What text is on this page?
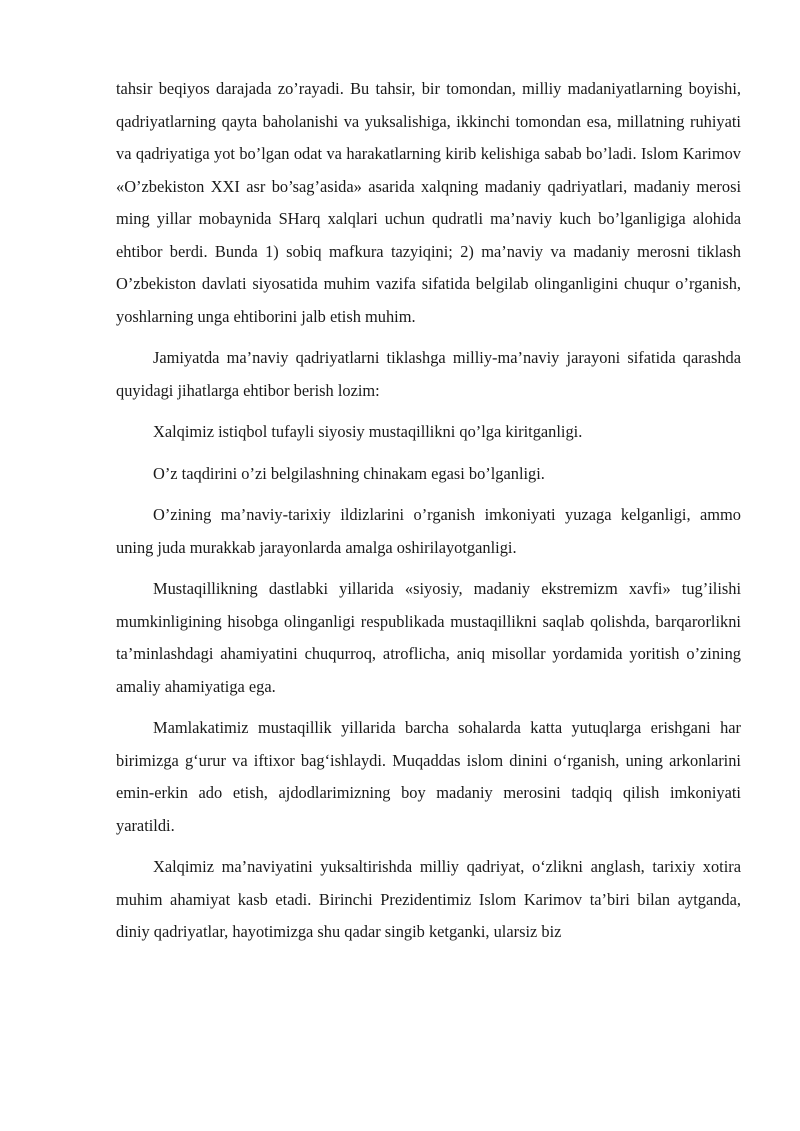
tahsir beqiyos darajada zo’rayadi. Bu tahsir, bir tomondan, milliy madaniyatlarning boyishi, qadriyatlarning qayta baholanishi va yuksalishiga, ikkinchi tomondan esa, millatning ruhiyati va qadriyatiga yot bo’lgan odat va harakatlarning kirib kelishiga sabab bo’ladi. Islom Karimov «O’zbekiston XXI asr bo’sag’asida» asarida xalqning madaniy qadriyatlari, madaniy merosi ming yillar mobaynida SHarq xalqlari uchun qudratli ma’naviy kuch bo’lganligiga alohida ehtibor berdi. Bunda 1) sobiq mafkura tazyiqini; 2) ma’naviy va madaniy merosni tiklash O’zbekiston davlati siyosatida muhim vazifa sifatida belgilab olinganligini chuqur o’rganish, yoshlarning unga ehtiborini jalb etish muhim.

Jamiyatda ma’naviy qadriyatlarni tiklashga milliy-ma’naviy jarayoni sifatida qarashda quyidagi jihatlarga ehtibor berish lozim:

Xalqimiz istiqbol tufayli siyosiy mustaqillikni qo’lga kiritganligi.

O’z taqdirini o’zi belgilashning chinakam egasi bo’lganligi.

O’zining ma’naviy-tarixiy ildizlarini o’rganish imkoniyati yuzaga kelganligi, ammo uning juda murakkab jarayonlarda amalga oshirilayotganligi.

Mustaqillikning dastlabki yillarida «siyosiy, madaniy ekstremizm xavfi» tug’ilishi mumkinligining hisobga olinganligi respublikada mustaqillikni saqlab qolishda, barqarorlikni ta’minlashdagi ahamiyatini chuqurroq, atroflicha, aniq misollar yordamida yoritish o’zining amaliy ahamiyatiga ega.

Mamlakatimiz mustaqillik yillarida barcha sohalarda katta yutuqlarga erishgani har birimizga g‘urur va iftixor bag‘ishlaydi. Muqaddas islom dinini o‘rganish, uning arkonlarini emin-erkin ado etish, ajdodlarimizning boy madaniy merosini tadqiq qilish imkoniyati yaratildi.

Xalqimiz ma’naviyatini yuksaltirishda milliy qadriyat, o‘zlikni anglash, tarixiy xotira muhim ahamiyat kasb etadi. Birinchi Prezidentimiz Islom Karimov ta’biri bilan aytganda, diniy qadriyatlar, hayotimizga shu qadar singib ketganki, ularsiz biz
